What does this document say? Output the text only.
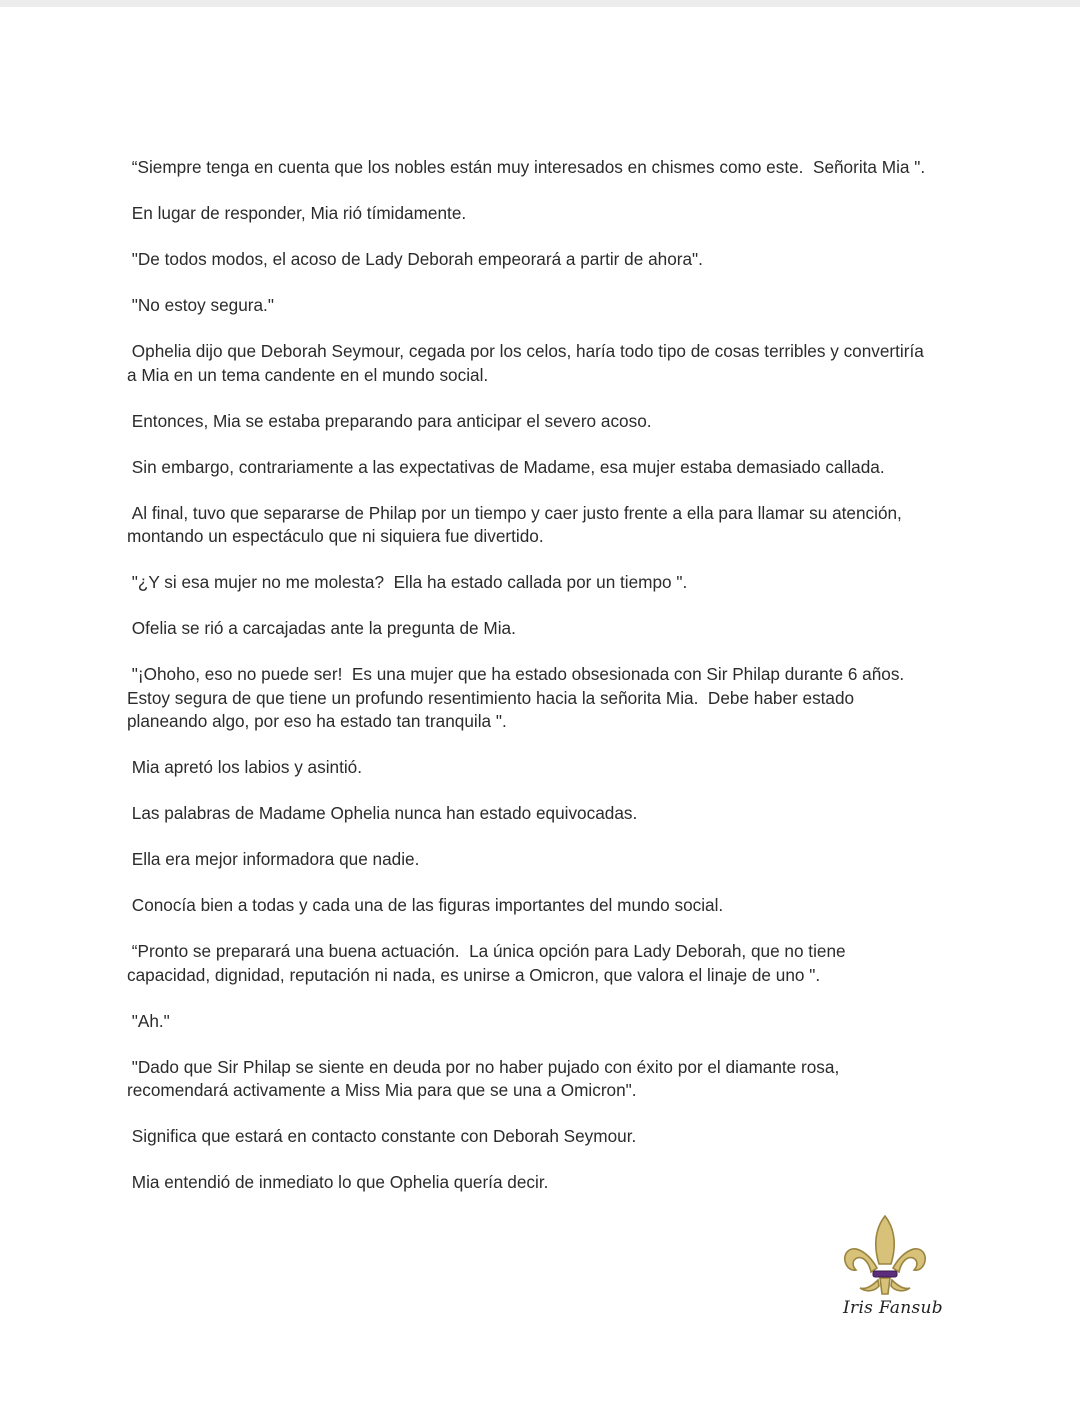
“Siempre tenga en cuenta que los nobles están muy interesados en chismes como este.  Señorita Mia ".

En lugar de responder, Mia rió tímidamente.

"De todos modos, el acoso de Lady Deborah empeorará a partir de ahora".

"No estoy segura."

Ophelia dijo que Deborah Seymour, cegada por los celos, haría todo tipo de cosas terribles y convertiría
a Mia en un tema candente en el mundo social.

Entonces, Mia se estaba preparando para anticipar el severo acoso.

Sin embargo, contrariamente a las expectativas de Madame, esa mujer estaba demasiado callada.

Al final, tuvo que separarse de Philap por un tiempo y caer justo frente a ella para llamar su atención,
montando un espectáculo que ni siquiera fue divertido.

"¿Y si esa mujer no me molesta?  Ella ha estado callada por un tiempo ".

Ofelia se rió a carcajadas ante la pregunta de Mia.

"¡Ohoho, eso no puede ser!  Es una mujer que ha estado obsesionada con Sir Philap durante 6 años.
Estoy segura de que tiene un profundo resentimiento hacia la señorita Mia.  Debe haber estado
planeando algo, por eso ha estado tan tranquila ".

Mia apretó los labios y asintió.

Las palabras de Madame Ophelia nunca han estado equivocadas.

Ella era mejor informadora que nadie.

Conocía bien a todas y cada una de las figuras importantes del mundo social.

“Pronto se preparará una buena actuación.  La única opción para Lady Deborah, que no tiene
capacidad, dignidad, reputación ni nada, es unirse a Omicron, que valora el linaje de uno ".

"Ah."

"Dado que Sir Philap se siente en deuda por no haber pujado con éxito por el diamante rosa,
recomendará activamente a Miss Mia para que se una a Omicron".

Significa que estará en contacto constante con Deborah Seymour.

Mia entendió de inmediato lo que Ophelia quería decir.

Iris Fansub
